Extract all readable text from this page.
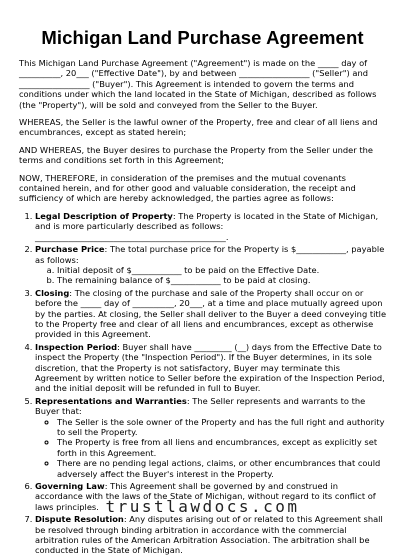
Michigan Land Purchase Agreement

This Michigan Land Purchase Agreement ("Agreement") is made on the _____ day of __________, 20___ ("Effective Date"), by and between _________________ ("Seller") and _________________ ("Buyer"). This Agreement is intended to govern the terms and conditions under which the land located in the State of Michigan, described as follows (the "Property"), will be sold and conveyed from the Seller to the Buyer.

WHEREAS, the Seller is the lawful owner of the Property, free and clear of all liens and encumbrances, except as stated herein;

AND WHEREAS, the Buyer desires to purchase the Property from the Seller under the terms and conditions set forth in this Agreement;

NOW, THEREFORE, in consideration of the premises and the mutual covenants contained herein, and for other good and valuable consideration, the receipt and sufficiency of which are hereby acknowledged, the parties agree as follows:

1. Legal Description of Property: The Property is located in the State of Michigan, and is more particularly described as follows: ______________________________________________.
2. Purchase Price: The total purchase price for the Property is $____________, payable as follows:
a. Initial deposit of $____________ to be paid on the Effective Date.
b. The remaining balance of $____________ to be paid at closing.
3. Closing: The closing of the purchase and sale of the Property shall occur on or before the _____ day of __________, 20___, at a time and place mutually agreed upon by the parties. At closing, the Seller shall deliver to the Buyer a deed conveying title to the Property free and clear of all liens and encumbrances, except as otherwise provided in this Agreement.
4. Inspection Period: Buyer shall have _________ (__) days from the Effective Date to inspect the Property (the "Inspection Period"). If the Buyer determines, in its sole discretion, that the Property is not satisfactory, Buyer may terminate this Agreement by written notice to Seller before the expiration of the Inspection Period, and the initial deposit will be refunded in full to Buyer.
5. Representations and Warranties: The Seller represents and warrants to the Buyer that:
◦ The Seller is the sole owner of the Property and has the full right and authority to sell the Property.
◦ The Property is free from all liens and encumbrances, except as explicitly set forth in this Agreement.
◦ There are no pending legal actions, claims, or other encumbrances that could adversely affect the Buyer's interest in the Property.
6. Governing Law: This Agreement shall be governed by and construed in accordance with the laws of the State of Michigan, without regard to its conflict of laws principles.
7. Dispute Resolution: Any disputes arising out of or related to this Agreement shall be resolved through binding arbitration in accordance with the commercial arbitration rules of the American Arbitration Association. The arbitration shall be conducted in the State of Michigan.
trustlawdocs.com
